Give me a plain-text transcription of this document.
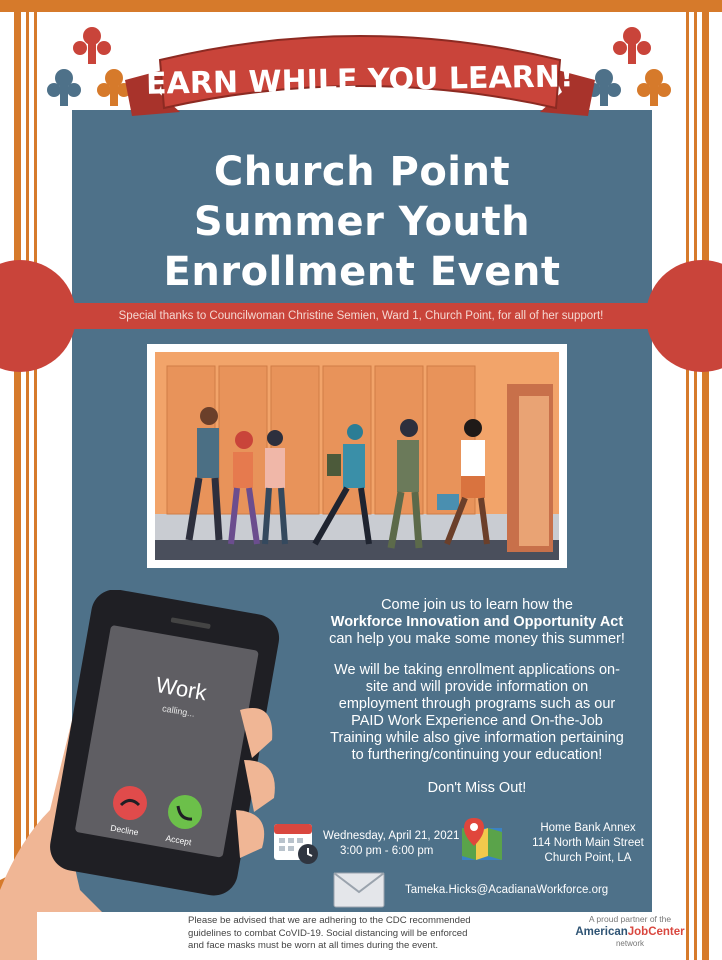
EARN WHILE YOU LEARN!
Church Point
Summer Youth
Enrollment Event
Special thanks to Councilwoman Christine Semien, Ward 1, Church Point, for all of her support!
Work
calling...
Decline
Accept
Come join us to learn how the
Workforce Innovation and Opportunity Act
can help you make some money this summer!
We will be taking enrollment applications on-
site and will provide information on
employment through programs such as our
PAID Work Experience and On-the-Job
Training while also give information pertaining
to furthering/continuing your education!
Don't Miss Out!
Wednesday, April 21, 2021
3:00 pm - 6:00 pm
Home Bank Annex
114 North Main Street
Church Point, LA
Tameka.Hicks@AcadianaWorkforce.org
Please be advised that we are adhering to the CDC recommended
guidelines to combat CoVID-19. Social distancing will be enforced
and face masks must be worn at all times during the event.
A proud partner of the
AmericanJobCenter
network
